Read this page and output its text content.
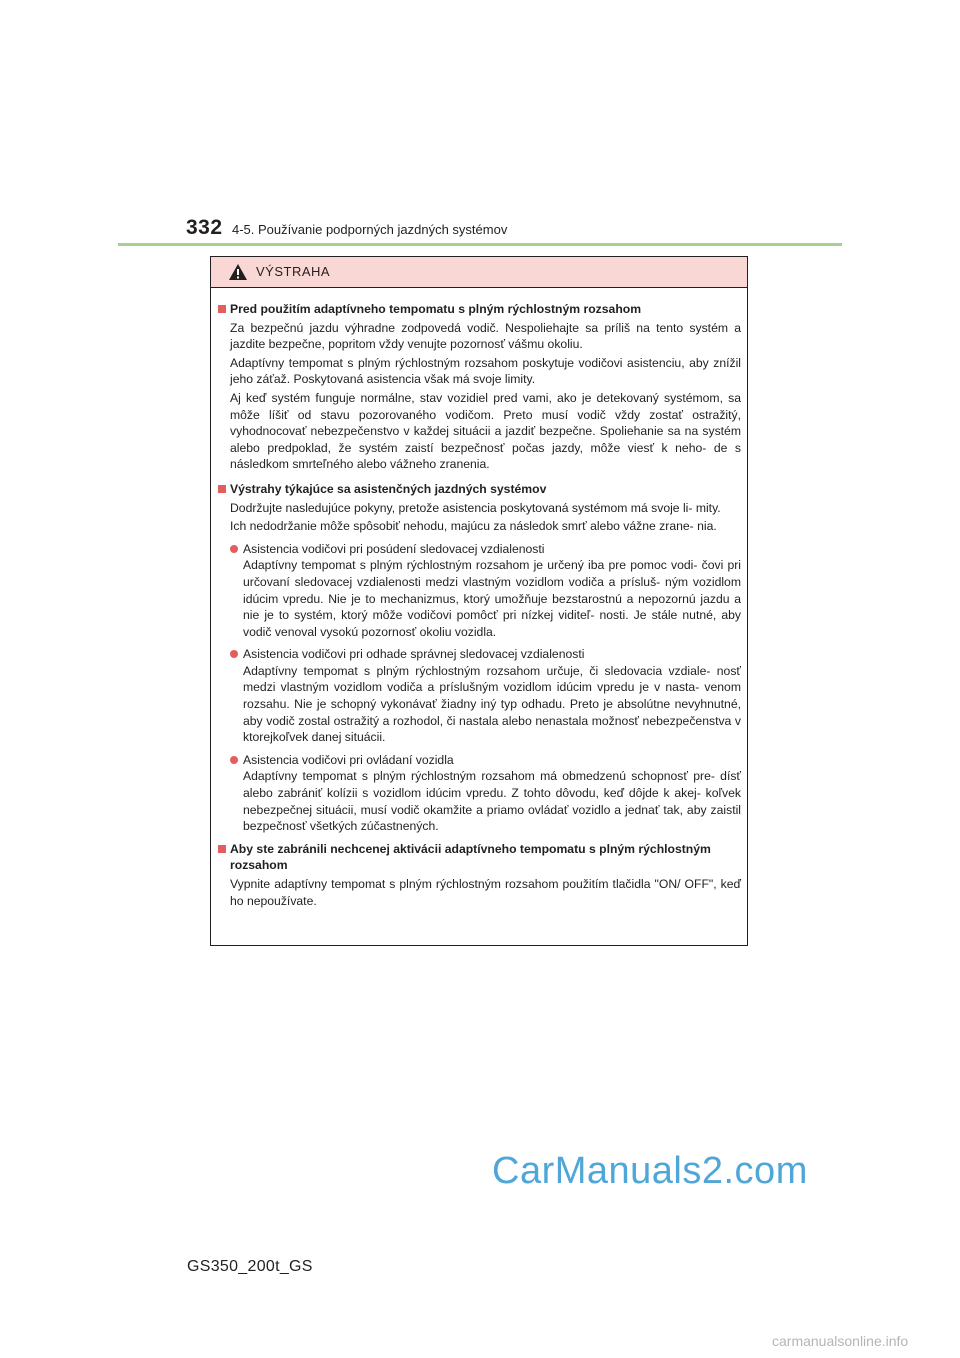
332 4-5. Používanie podporných jazdných systémov
VÝSTRAHA
Pred použitím adaptívneho tempomatu s plným rýchlostným rozsahom
Za bezpečnú jazdu výhradne zodpovedá vodič. Nespoliehajte sa príliš na tento systém a jazdite bezpečne, popritom vždy venujte pozornosť vášmu okoliu.
Adaptívny tempomat s plným rýchlostným rozsahom poskytuje vodičovi asistenciu, aby znížil jeho záťaž. Poskytovaná asistencia však má svoje limity.
Aj keď systém funguje normálne, stav vozidiel pred vami, ako je detekovaný systémom, sa môže líšiť od stavu pozorovaného vodičom. Preto musí vodič vždy zostať ostražitý, vyhodnocovať nebezpečenstvo v každej situácii a jazdiť bezpečne. Spoliehanie sa na systém alebo predpoklad, že systém zaistí bezpečnosť počas jazdy, môže viesť k neho- de s následkom smrteľného alebo vážneho zranenia.
Výstrahy týkajúce sa asistenčných jazdných systémov
Dodržujte nasledujúce pokyny, pretože asistencia poskytovaná systémom má svoje li- mity.
Ich nedodržanie môže spôsobiť nehodu, majúcu za následok smrť alebo vážne zrane- nia.
Asistencia vodičovi pri posúdení sledovacej vzdialenosti
Adaptívny tempomat s plným rýchlostným rozsahom je určený iba pre pomoc vodi- čovi pri určovaní sledovacej vzdialenosti medzi vlastným vozidlom vodiča a prísluš- ným vozidlom idúcim vpredu. Nie je to mechanizmus, ktorý umožňuje bezstarostnú a nepozornú jazdu a nie je to systém, ktorý môže vodičovi pomôcť pri nízkej viditeľ- nosti. Je stále nutné, aby vodič venoval vysokú pozornosť okoliu vozidla.
Asistencia vodičovi pri odhade správnej sledovacej vzdialenosti
Adaptívny tempomat s plným rýchlostným rozsahom určuje, či sledovacia vzdiale- nosť medzi vlastným vozidlom vodiča a príslušným vozidlom idúcim vpredu je v nasta- venom rozsahu. Nie je schopný vykonávať žiadny iný typ odhadu. Preto je absolútne nevyhnutné, aby vodič zostal ostražitý a rozhodol, či nastala alebo nenastala možnosť nebezpečenstva v ktorejkoľvek danej situácii.
Asistencia vodičovi pri ovládaní vozidla
Adaptívny tempomat s plným rýchlostným rozsahom má obmedzenú schopnosť pre- dísť alebo zabrániť kolízii s vozidlom idúcim vpredu. Z tohto dôvodu, keď dôjde k akej- koľvek nebezpečnej situácii, musí vodič okamžite a priamo ovládať vozidlo a jednať tak, aby zaistil bezpečnosť všetkých zúčastnených.
Aby ste zabránili nechcenej aktivácii adaptívneho tempomatu s plným rýchlostným rozsahom
Vypnite adaptívny tempomat s plným rýchlostným rozsahom použitím tlačidla "ON/ OFF", keď ho nepoužívate.
CarManuals2.com
GS350_200t_GS
carmanualsonline.info
